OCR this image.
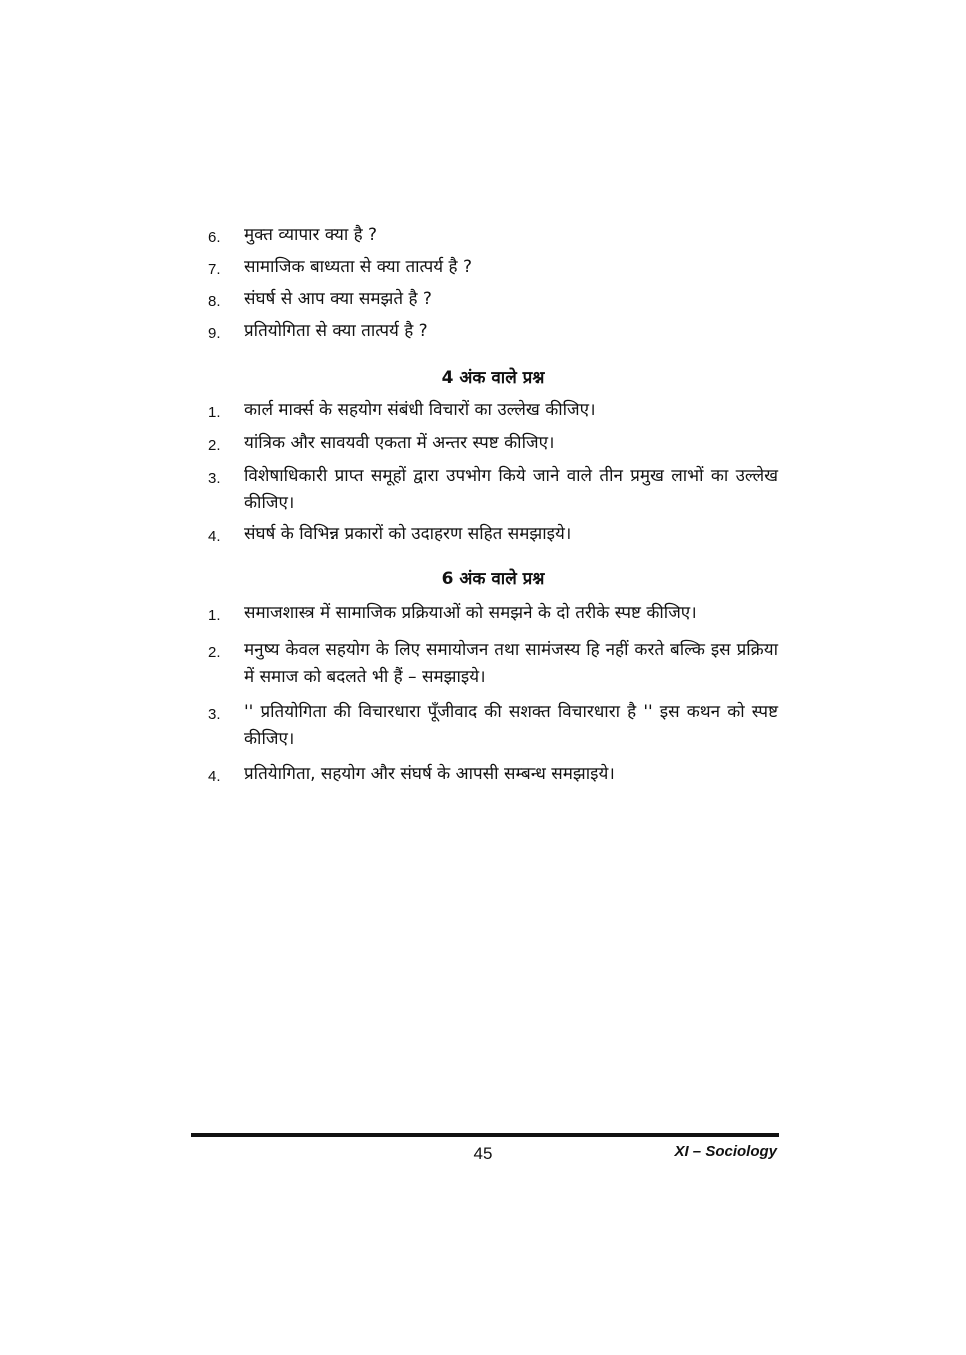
6.	मुक्त व्यापार क्या है ?
7.	सामाजिक बाध्यता से क्या तात्पर्य है ?
8.	संघर्ष से आप क्या समझते है ?
9.	प्रतियोगिता से क्या तात्पर्य है ?
4 अंक वाले प्रश्न
1.	कार्ल मार्क्स के सहयोग संबंधी विचारों का उल्लेख कीजिए।
2.	यांत्रिक और सावयवी एकता में अन्तर स्पष्ट कीजिए।
3.	विशेषाधिकारी प्राप्त समूहों द्वारा उपभोग किये जाने वाले तीन प्रमुख लाभों का उल्लेख कीजिए।
4.	संघर्ष के विभिन्न प्रकारों को उदाहरण सहित समझाइये।
6 अंक वाले प्रश्न
1.	समाजशास्त्र में सामाजिक प्रक्रियाओं को समझने के दो तरीके स्पष्ट कीजिए।
2.	मनुष्य केवल सहयोग के लिए समायोजन तथा सामंजस्य हि नहीं करते बल्कि इस प्रक्रिया में समाज को बदलते भी हैं – समझाइये।
3.	'' प्रतियोगिता की विचारधारा पूँजीवाद की सशक्त विचारधारा है '' इस कथन को स्पष्ट कीजिए।
4.	प्रतियेागिता, सहयोग और संघर्ष के आपसी सम्बन्ध समझाइये।
45	XI – Sociology
